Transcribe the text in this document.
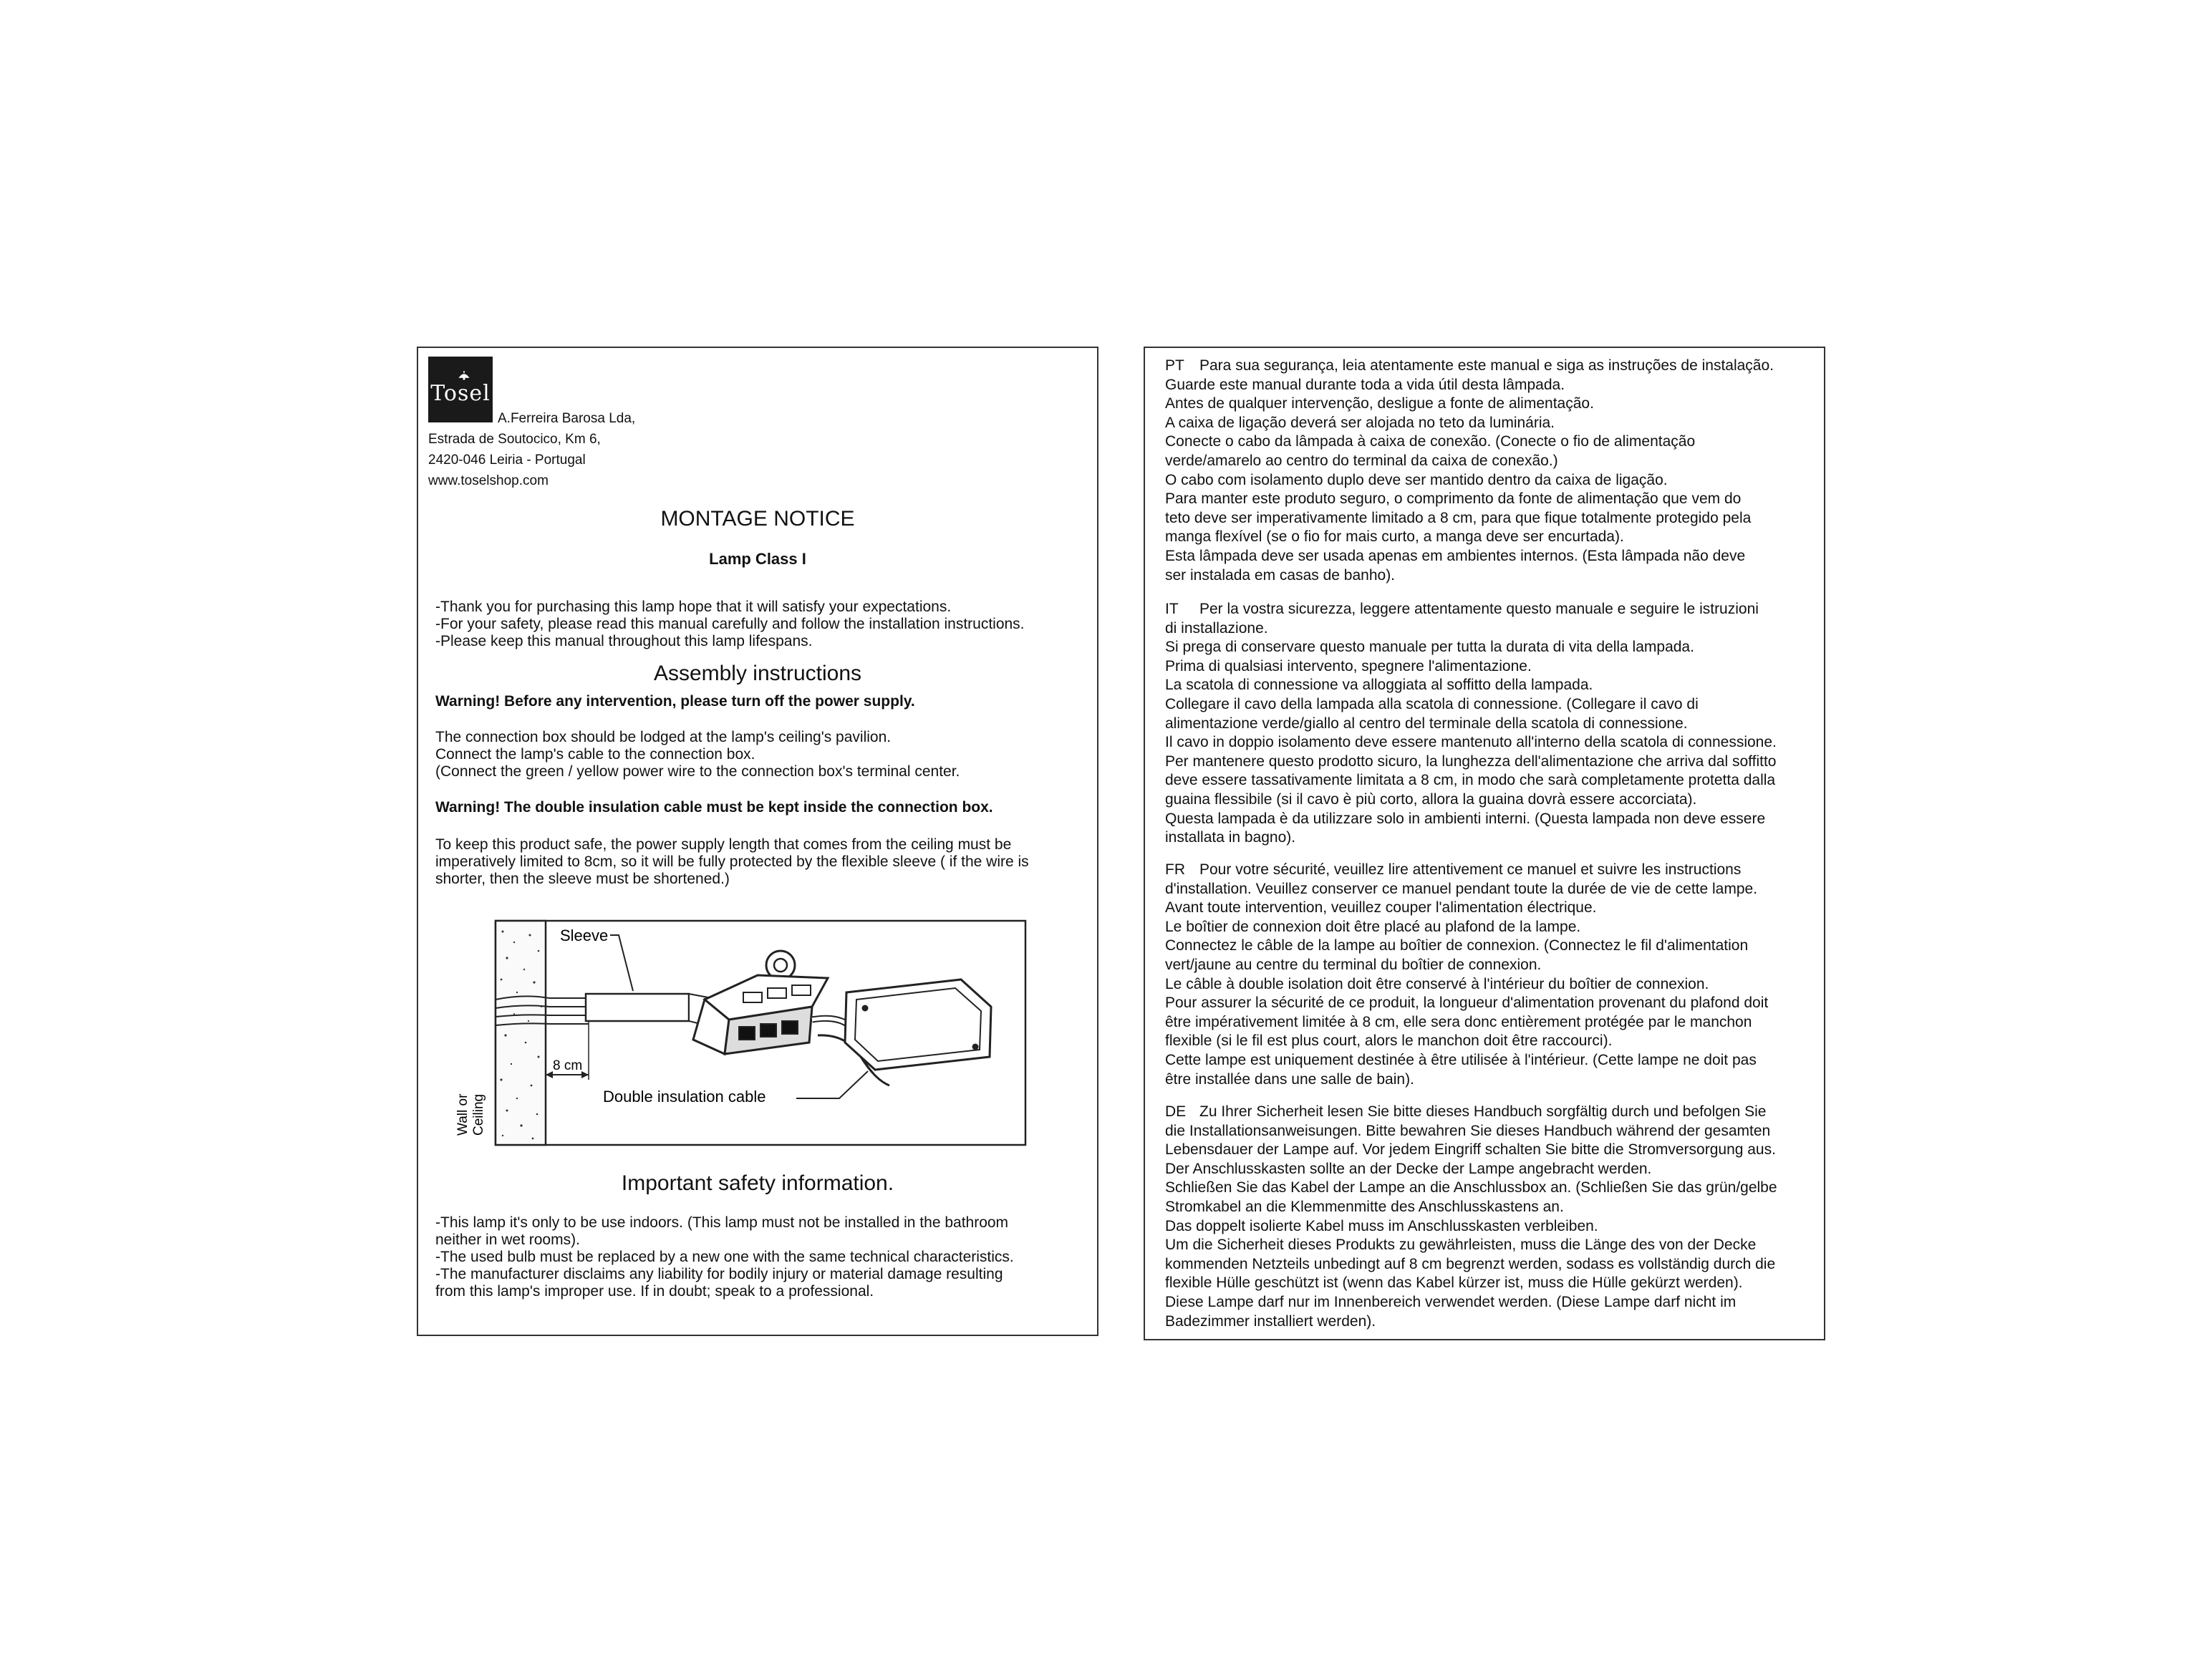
Tosel
A.Ferreira Barosa Lda,
Estrada de Soutocico, Km 6,
2420-046 Leiria - Portugal
www.toselshop.com
MONTAGE NOTICE
Lamp Class I
-Thank you for purchasing this lamp hope that it will satisfy your expectations.
-For your safety, please read this manual carefully and follow the installation instructions.
-Please keep this manual throughout this lamp lifespans.
Assembly instructions
Warning! Before any intervention, please turn off the power supply.
The connection box should be lodged at the lamp's ceiling's pavilion.
Connect the lamp's cable to the connection box.
(Connect the green / yellow power wire to the connection box's terminal center.
Warning! The double insulation cable must be kept inside the connection box.
To keep this product safe, the power supply length that comes from the ceiling must be
imperatively limited to 8cm, so it will be fully protected by the flexible sleeve ( if the wire is
shorter, then the sleeve must be shortened.)
8 cm
Sleeve
Double insulation cable
Wall or Ceiling
Important safety information.
-This lamp it's only to be use indoors. (This lamp must not be installed in the bathroom
neither in wet rooms).
-The used bulb must be replaced by a new one with the same technical characteristics.
-The manufacturer disclaims any liability for bodily injury or material damage resulting
from this lamp's improper use. If in doubt; speak to a professional.
PT Para sua segurança, leia atentamente este manual e siga as instruções de instalação.
Guarde este manual durante toda a vida útil desta lâmpada.
Antes de qualquer intervenção, desligue a fonte de alimentação.
A caixa de ligação deverá ser alojada no teto da luminária.
Conecte o cabo da lâmpada à caixa de conexão. (Conecte o fio de alimentação
verde/amarelo ao centro do terminal da caixa de conexão.)
O cabo com isolamento duplo deve ser mantido dentro da caixa de ligação.
Para manter este produto seguro, o comprimento da fonte de alimentação que vem do
teto deve ser imperativamente limitado a 8 cm, para que fique totalmente protegido pela
manga flexível (se o fio for mais curto, a manga deve ser encurtada).
Esta lâmpada deve ser usada apenas em ambientes internos. (Esta lâmpada não deve
ser instalada em casas de banho).
IT Per la vostra sicurezza, leggere attentamente questo manuale e seguire le istruzioni
di installazione.
Si prega di conservare questo manuale per tutta la durata di vita della lampada.
Prima di qualsiasi intervento, spegnere l'alimentazione.
La scatola di connessione va alloggiata al soffitto della lampada.
Collegare il cavo della lampada alla scatola di connessione. (Collegare il cavo di
alimentazione verde/giallo al centro del terminale della scatola di connessione.
Il cavo in doppio isolamento deve essere mantenuto all'interno della scatola di connessione.
Per mantenere questo prodotto sicuro, la lunghezza dell'alimentazione che arriva dal soffitto
deve essere tassativamente limitata a 8 cm, in modo che sarà completamente protetta dalla
guaina flessibile (si il cavo è più corto, allora la guaina dovrà essere accorciata).
Questa lampada è da utilizzare solo in ambienti interni. (Questa lampada non deve essere
installata in bagno).
FR Pour votre sécurité, veuillez lire attentivement ce manuel et suivre les instructions
d'installation. Veuillez conserver ce manuel pendant toute la durée de vie de cette lampe.
Avant toute intervention, veuillez couper l'alimentation électrique.
Le boîtier de connexion doit être placé au plafond de la lampe.
Connectez le câble de la lampe au boîtier de connexion. (Connectez le fil d'alimentation
vert/jaune au centre du terminal du boîtier de connexion.
Le câble à double isolation doit être conservé à l'intérieur du boîtier de connexion.
Pour assurer la sécurité de ce produit, la longueur d'alimentation provenant du plafond doit
être impérativement limitée à 8 cm, elle sera donc entièrement protégée par le manchon
flexible (si le fil est plus court, alors le manchon doit être raccourci).
Cette lampe est uniquement destinée à être utilisée à l'intérieur. (Cette lampe ne doit pas
être installée dans une salle de bain).
DE Zu Ihrer Sicherheit lesen Sie bitte dieses Handbuch sorgfältig durch und befolgen Sie
die Installationsanweisungen. Bitte bewahren Sie dieses Handbuch während der gesamten
Lebensdauer der Lampe auf. Vor jedem Eingriff schalten Sie bitte die Stromversorgung aus.
Der Anschlusskasten sollte an der Decke der Lampe angebracht werden.
Schließen Sie das Kabel der Lampe an die Anschlussbox an. (Schließen Sie das grün/gelbe
Stromkabel an die Klemmenmitte des Anschlusskastens an.
Das doppelt isolierte Kabel muss im Anschlusskasten verbleiben.
Um die Sicherheit dieses Produkts zu gewährleisten, muss die Länge des von der Decke
kommenden Netzteils unbedingt auf 8 cm begrenzt werden, sodass es vollständig durch die
flexible Hülle geschützt ist (wenn das Kabel kürzer ist, muss die Hülle gekürzt werden).
Diese Lampe darf nur im Innenbereich verwendet werden. (Diese Lampe darf nicht im
Badezimmer installiert werden).
